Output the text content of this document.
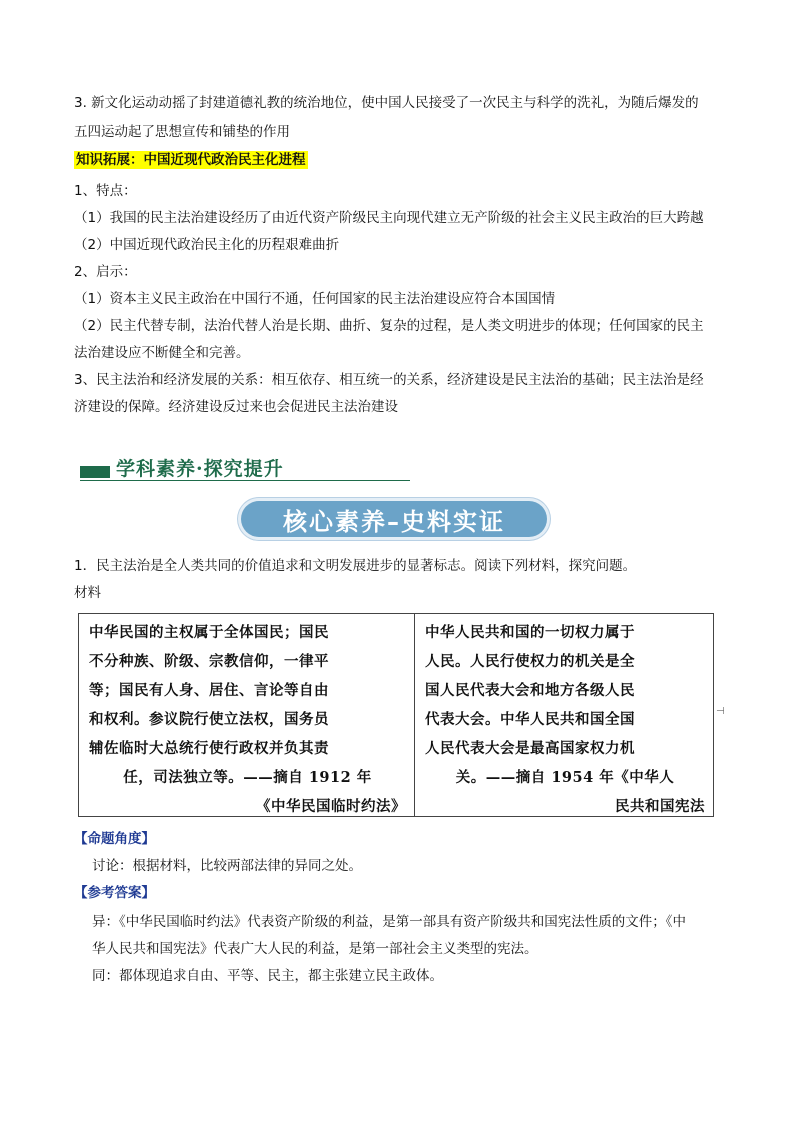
3. 新文化运动动摇了封建道德礼教的统治地位，使中国人民接受了一次民主与科学的洗礼，为随后爆发的
五四运动起了思想宣传和铺垫的作用
知识拓展：中国近现代政治民主化进程
1、特点：
（1）我国的民主法治建设经历了由近代资产阶级民主向现代建立无产阶级的社会主义民主政治的巨大跨越
（2）中国近现代政治民主化的历程艰难曲折
2、启示：
（1）资本主义民主政治在中国行不通，任何国家的民主法治建设应符合本国国情
（2）民主代替专制，法治代替人治是长期、曲折、复杂的过程，是人类文明进步的体现；任何国家的民主
法治建设应不断健全和完善。
3、民主法治和经济发展的关系：相互依存、相互统一的关系，经济建设是民主法治的基础；民主法治是经
济建设的保障。经济建设反过来也会促进民主法治建设
学科素养·探究提升
核心素养–史料实证
1．民主法治是全人类共同的价值追求和文明发展进步的显著标志。阅读下列材料，探究问题。
材料
中华民国的主权属于全体国民；国民
不分种族、阶级、宗教信仰，一律平
等；国民有人身、居住、言论等自由
和权利。参议院行使立法权，国务员
辅佐临时大总统行使行政权并负其责
任，司法独立等。——摘自 1912 年
《中华民国临时约法》
中华人民共和国的一切权力属于
人民。人民行使权力的机关是全
国人民代表大会和地方各级人民
代表大会。中华人民共和国全国
人民代表大会是最高国家权力机
关。——摘自 1954 年《中华人
民共和国宪法
⊣
【命题角度】
讨论：根据材料，比较两部法律的异同之处。
【参考答案】
异：《中华民国临时约法》代表资产阶级的利益，是第一部具有资产阶级共和国宪法性质的文件；《中
华人民共和国宪法》代表广大人民的利益，是第一部社会主义类型的宪法。
同：都体现追求自由、平等、民主，都主张建立民主政体。
